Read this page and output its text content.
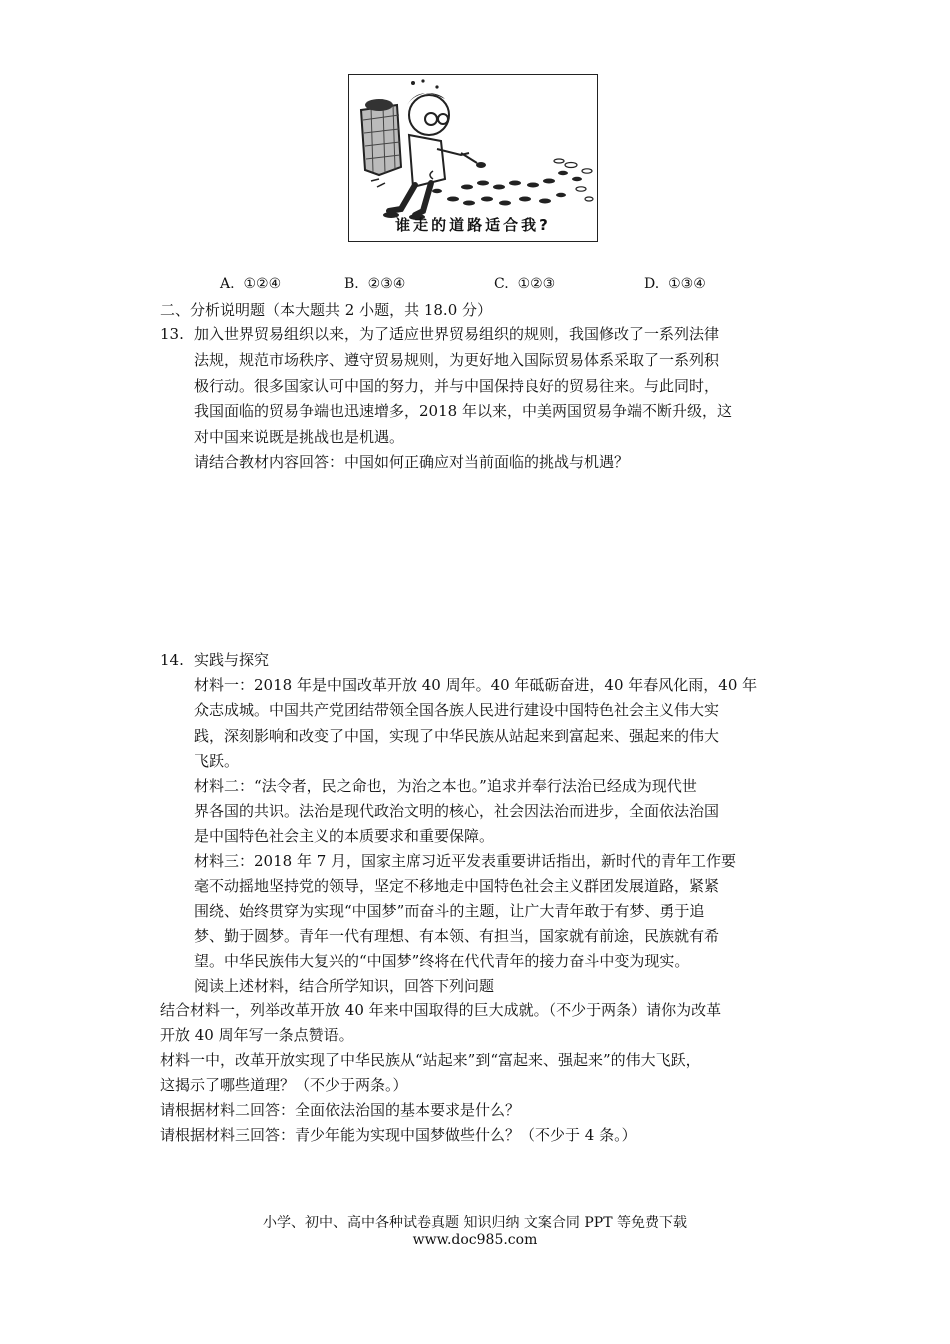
谁走的道路适合我?
A. ①②④	B. ②③④	C. ①②③	D. ①③④
二、分析说明题（本大题共 2 小题，共 18.0 分）
13. 加入世界贸易组织以来，为了适应世界贸易组织的规则，我国修改了一系列法律
法规，规范市场秩序、遵守贸易规则，为更好地入国际贸易体系采取了一系列积
极行动。很多国家认可中国的努力，并与中国保持良好的贸易往来。与此同时，
我国面临的贸易争端也迅速增多，2018 年以来，中美两国贸易争端不断升级，这
对中国来说既是挑战也是机遇。
请结合教材内容回答：中国如何正确应对当前面临的挑战与机遇？
14. 实践与探究
材料一：2018 年是中国改革开放 40 周年。40 年砥砺奋进，40 年春风化雨，40 年
众志成城。中国共产党团结带领全国各族人民进行建设中国特色社会主义伟大实
践，深刻影响和改变了中国，实现了中华民族从站起来到富起来、强起来的伟大
飞跃。
材料二：“法令者，民之命也，为治之本也。”追求并奉行法治已经成为现代世
界各国的共识。法治是现代政治文明的核心，社会因法治而进步，全面依法治国
是中国特色社会主义的本质要求和重要保障。
材料三：2018 年 7 月，国家主席习近平发表重要讲话指出，新时代的青年工作要
毫不动摇地坚持党的领导，坚定不移地走中国特色社会主义群团发展道路，紧紧
围绕、始终贯穿为实现“中国梦”而奋斗的主题，让广大青年敢于有梦、勇于追
梦、勤于圆梦。青年一代有理想、有本领、有担当，国家就有前途，民族就有希
望。中华民族伟大复兴的“中国梦”终将在代代青年的接力奋斗中变为现实。
阅读上述材料，结合所学知识，回答下列问题
结合材料一，列举改革开放 40 年来中国取得的巨大成就。（不少于两条）请你为改革
开放 40 周年写一条点赞语。
材料一中，改革开放实现了中华民族从“站起来”到“富起来、强起来”的伟大飞跃，
这揭示了哪些道理？（不少于两条。）
请根据材料二回答：全面依法治国的基本要求是什么？
请根据材料三回答：青少年能为实现中国梦做些什么？（不少于 4 条。）
小学、初中、高中各种试卷真题 知识归纳 文案合同 PPT 等免费下载
www.doc985.com
